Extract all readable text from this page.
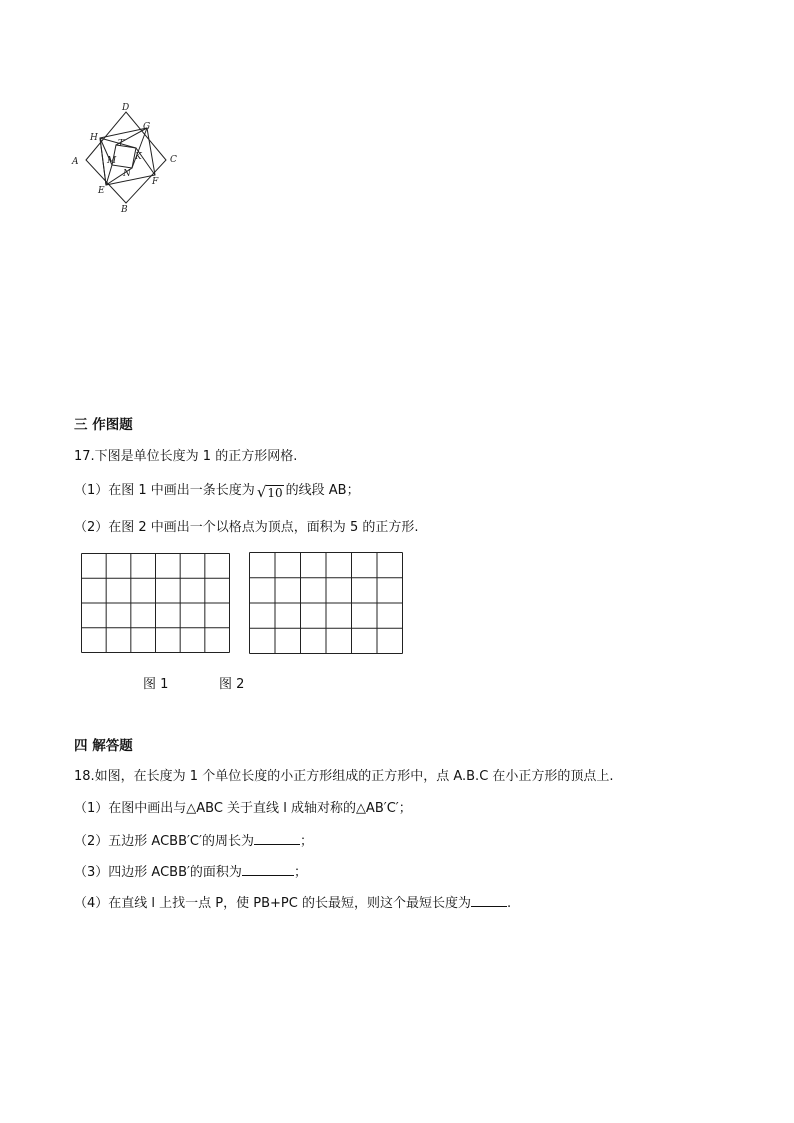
D
H
G
T
A	M K	C
N
E
F
B
三 作图题
17.下图是单位长度为 1 的正方形网格.
（1）在图 1 中画出一条长度为 √ 10 的线段 AB；
（2）在图 2 中画出一个以格点为顶点，面积为 5 的正方形.
图 1	图 2
四 解答题
18.如图，在长度为 1 个单位长度的小正方形组成的正方形中，点 A.B.C 在小正方形的顶点上.
（1）在图中画出与△ABC 关于直线 l 成轴对称的△AB′C′；
（2）五边形 ACBB′C′的周长为	；
（3）四边形 ACBB′的面积为	；
（4）在直线 l 上找一点 P，使 PB+PC 的长最短，则这个最短长度为	.
